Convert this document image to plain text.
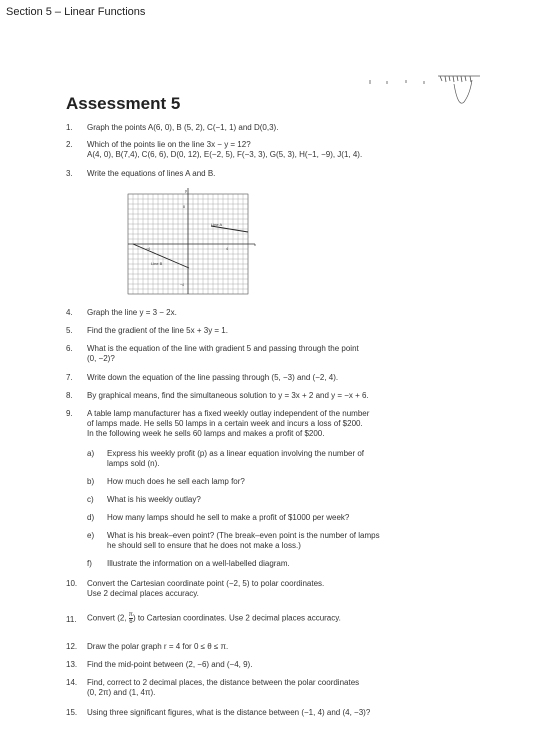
Section 5 – Linear Functions
Assessment 5
1.	Graph the points A(6, 0), B (5, 2), C(−1, 1) and D(0,3).
2.	Which of the points lie on the line 3x − y = 12?
A(4, 0), B(7,4), C(6, 6), D(0, 12), E(−2, 5), F(−3, 3), G(5, 3), H(−1, −9), J(1, 4).
3.	Write the equations of lines A and B.
y
x
8
−4	4
−4
Line A
Line B
4.	Graph the line y = 3 − 2x.
5.	Find the gradient of the line 5x + 3y = 1.
6.	What is the equation of the line with gradient 5 and passing through the point
(0, −2)?
7.	Write down the equation of the line passing through (5, −3) and (−2, 4).
8.	By graphical means, find the simultaneous solution to y = 3x + 2 and y = −x + 6.
9.	A table lamp manufacturer has a fixed weekly outlay independent of the number
of lamps made. He sells 50 lamps in a certain week and incurs a loss of $200.
In the following week he sells 60 lamps and makes a profit of $200.
a)	Express his weekly profit (p) as a linear equation involving the number of
lamps sold (n).
b)	How much does he sell each lamp for?
c)	What is his weekly outlay?
d)	How many lamps should he sell to make a profit of $1000 per week?
e)	What is his break–even point? (The break–even point is the number of lamps
he should sell to ensure that he does not make a loss.)
f)	Illustrate the information on a well-labelled diagram.
10.	Convert the Cartesian coordinate point (−2, 5) to polar coordinates.
Use 2 decimal places accuracy.
11.	Convert (2, $\frac{\pi}{6}$ ) to Cartesian coordinates. Use 2 decimal places accuracy.
12.	Draw the polar graph r = 4 for 0 ≤ θ ≤ π.
13.	Find the mid-point between (2, −6) and (−4, 9).
14.	Find, correct to 2 decimal places, the distance between the polar coordinates
(0, 2π) and (1, 4π).
15.	Using three significant figures, what is the distance between (−1, 4) and (4, −3)?
